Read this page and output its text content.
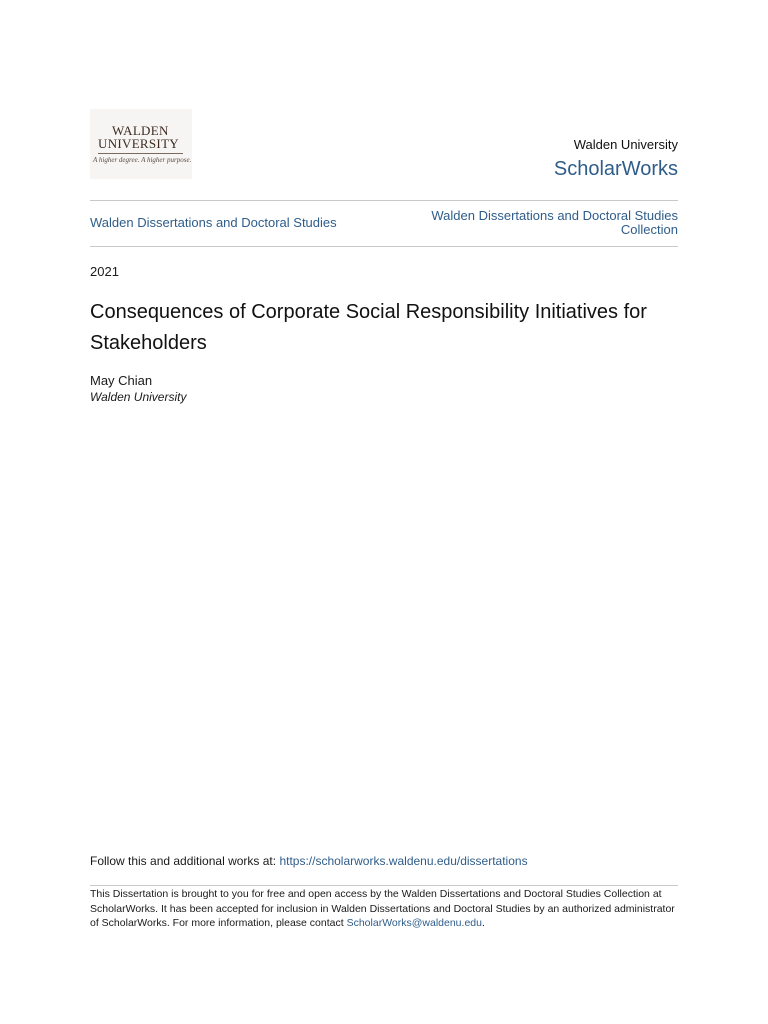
WALDEN
UNIVERSITY
A higher degree. A higher purpose.
Walden University
ScholarWorks
Walden Dissertations and Doctoral Studies	Walden Dissertations and Doctoral Studies Collection
2021
Consequences of Corporate Social Responsibility Initiatives for Stakeholders
May Chian
Walden University
Follow this and additional works at: https://scholarworks.waldenu.edu/dissertations
This Dissertation is brought to you for free and open access by the Walden Dissertations and Doctoral Studies Collection at ScholarWorks. It has been accepted for inclusion in Walden Dissertations and Doctoral Studies by an authorized administrator of ScholarWorks. For more information, please contact ScholarWorks@waldenu.edu.
